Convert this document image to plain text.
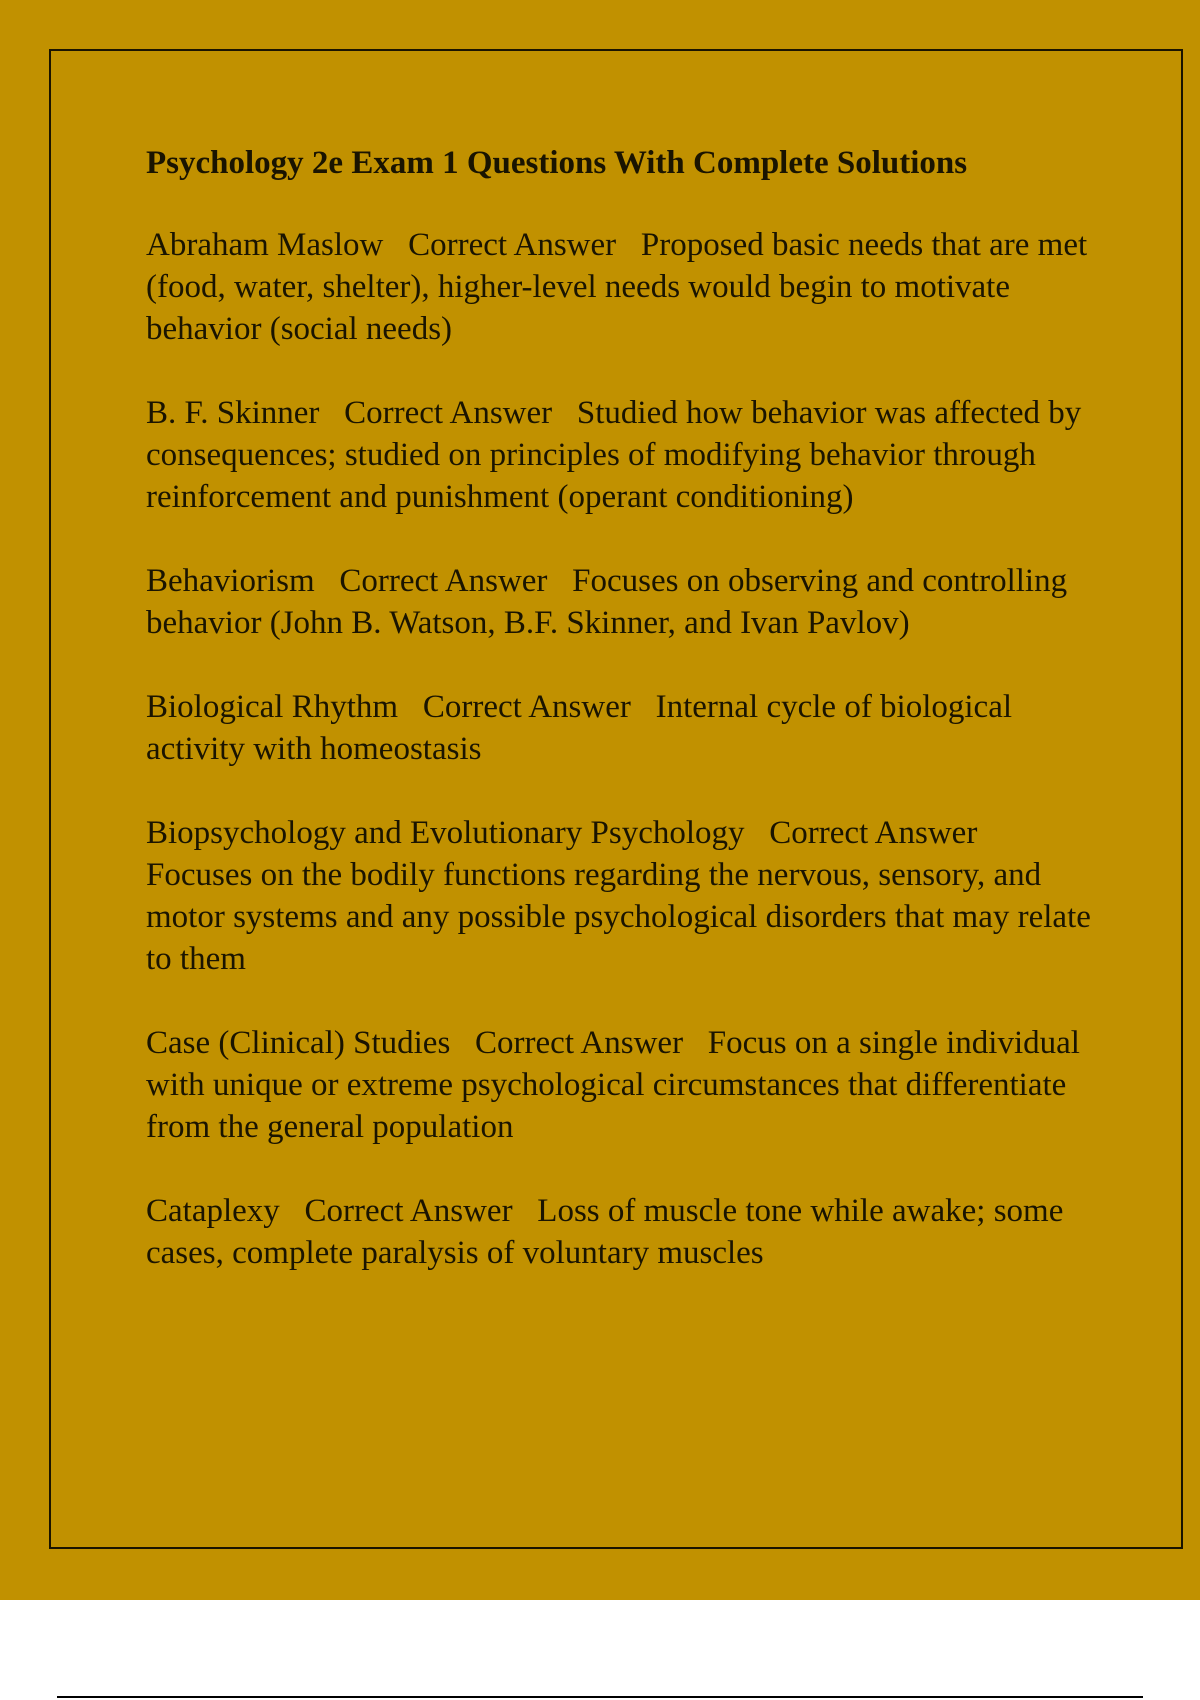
Psychology 2e Exam 1 Questions With Complete Solutions
Abraham Maslow   Correct Answer   Proposed basic needs that are met (food, water, shelter), higher-level needs would begin to motivate behavior (social needs)
B. F. Skinner   Correct Answer   Studied how behavior was affected by consequences; studied on principles of modifying behavior through reinforcement and punishment (operant conditioning)
Behaviorism   Correct Answer   Focuses on observing and controlling behavior (John B. Watson, B.F. Skinner, and Ivan Pavlov)
Biological Rhythm   Correct Answer   Internal cycle of biological activity with homeostasis
Biopsychology and Evolutionary Psychology   Correct Answer   Focuses on the bodily functions regarding the nervous, sensory, and motor systems and any possible psychological disorders that may relate to them
Case (Clinical) Studies   Correct Answer   Focus on a single individual with unique or extreme psychological circumstances that differentiate from the general population
Cataplexy   Correct Answer   Loss of muscle tone while awake; some cases, complete paralysis of voluntary muscles
